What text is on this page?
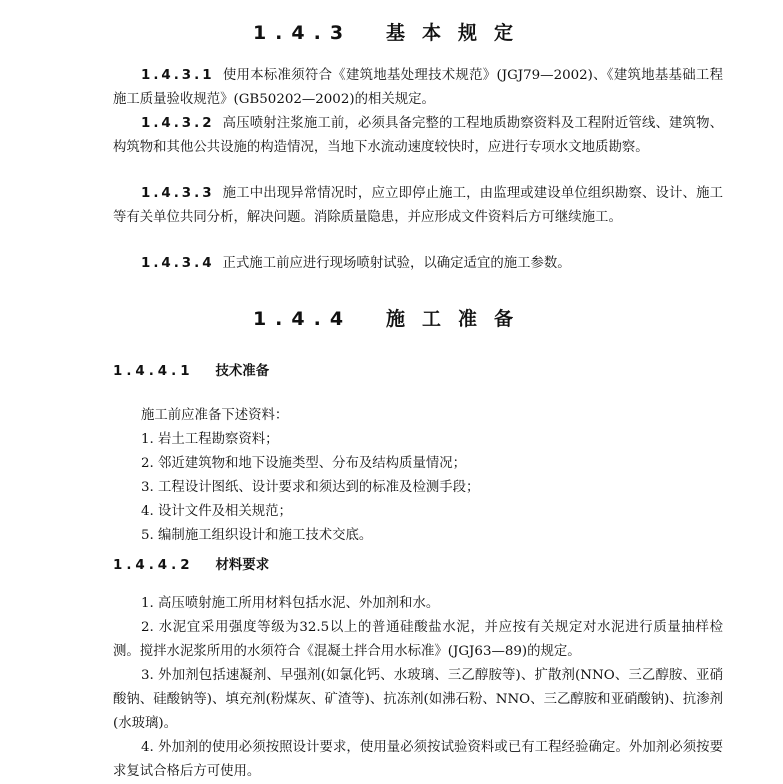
1.4.3 基本规定
1.4.3.1 使用本标准须符合《建筑地基处理技术规范》(JGJ79—2002)、《建筑地基基础工程施工质量验收规范》(GB50202—2002)的相关规定。
1.4.3.2 高压喷射注浆施工前，必须具备完整的工程地质勘察资料及工程附近管线、建筑物、构筑物和其他公共设施的构造情况，当地下水流动速度较快时，应进行专项水文地质勘察。
1.4.3.3 施工中出现异常情况时，应立即停止施工，由监理或建设单位组织勘察、设计、施工等有关单位共同分析，解决问题。消除质量隐患，并应形成文件资料后方可继续施工。
1.4.3.4 正式施工前应进行现场喷射试验，以确定适宜的施工参数。
1.4.4 施工准备
1.4.4.1 技术准备
施工前应准备下述资料：
1. 岩土工程勘察资料；
2. 邻近建筑物和地下设施类型、分布及结构质量情况；
3. 工程设计图纸、设计要求和须达到的标准及检测手段；
4. 设计文件及相关规范；
5. 编制施工组织设计和施工技术交底。
1.4.4.2 材料要求
1. 高压喷射施工所用材料包括水泥、外加剂和水。
2. 水泥宜采用强度等级为32.5以上的普通硅酸盐水泥，并应按有关规定对水泥进行质量抽样检测。搅拌水泥浆所用的水须符合《混凝土拌合用水标准》(JGJ63—89)的规定。
3. 外加剂包括速凝剂、早强剂(如氯化钙、水玻璃、三乙醇胺等)、扩散剂(NNO、三乙醇胺、亚硝酸钠、硅酸钠等)、填充剂(粉煤灰、矿渣等)、抗冻剂(如沸石粉、NNO、三乙醇胺和亚硝酸钠)、抗渗剂(水玻璃)。
4. 外加剂的使用必须按照设计要求，使用量必须按试验资料或已有工程经验确定。外加剂必须按要求复试合格后方可使用。
